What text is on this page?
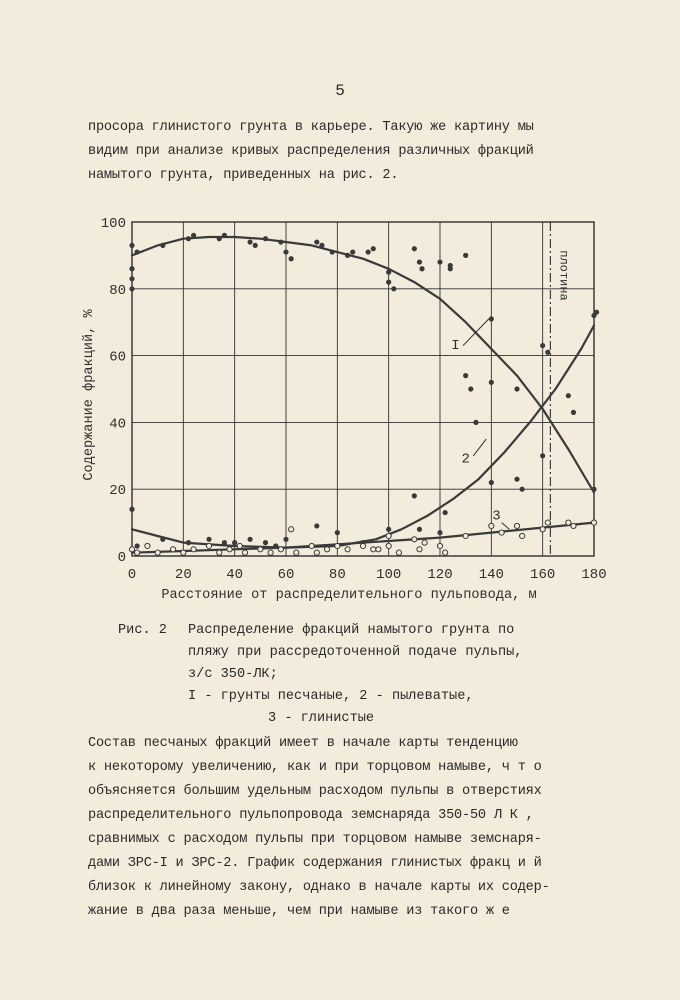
5

просора глинистого грунта в карьере. Такую же картину мы

видим при анализе кривых распределения различных фракций

намытого грунта, приведенных на рис. 2.

0	20 40 60 80 100 120 140 160 180
0
20
40
60
80
100
Расстояние от распределительного пульповода, м
Содержание фракций, %
плотина
I
2
3
Рис. 2 Распределение фракций намытого грунта по
пляжу при рассредоточенной подаче пульпы,
з/с 350-ЛК;
I - грунты песчаные, 2 - пылеватые,
3 - глинистые

Состав песчаных фракций имеет в начале карты тенденцию

к некоторому увеличению, как и при торцовом намыве, ч т о

объясняется большим удельным расходом пульпы в отверстиях

распределительного пульпопровода земснаряда 350-50 Л К ,

сравнимых с расходом пульпы при торцовом намыве земснаря-

дами ЗРС-I и ЗРС-2. График содержания глинистых фракц и й

близок к линейному закону, однако в начале карты их содер-

жание в два раза меньше, чем при намыве из такого ж е
